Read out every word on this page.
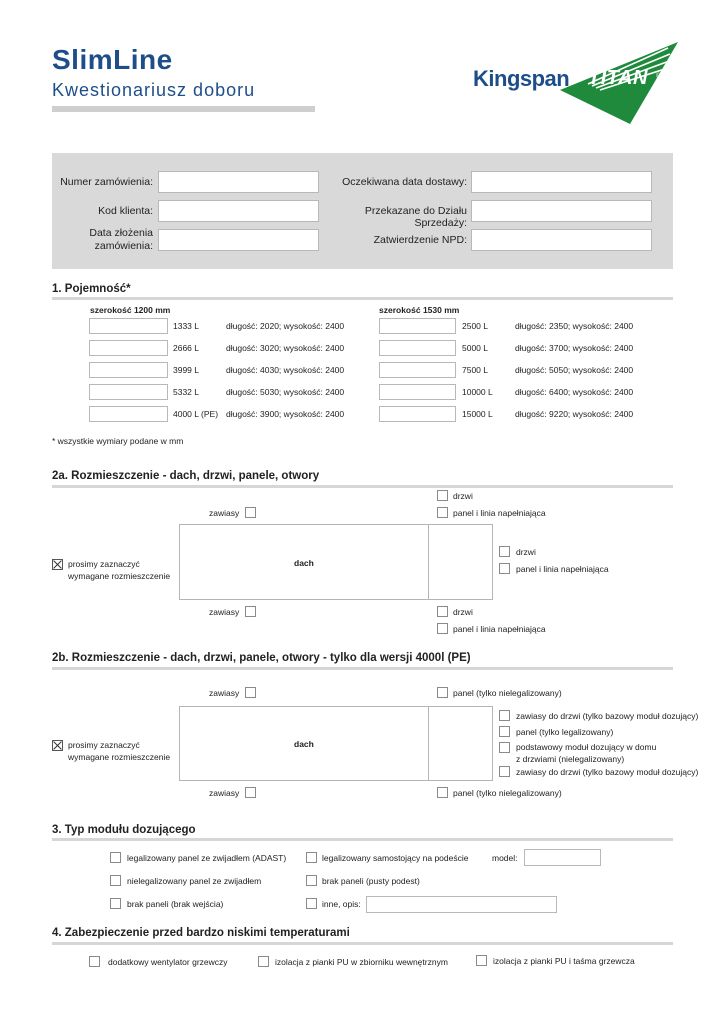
SlimLine
Kwestionariusz doboru	Kingspan TITAN ®
Numer zamówienia:
Kod klienta:
Data złożenia zamówienia:
Oczekiwana data dostawy:
Przekazane do Działu Sprzedaży:
Zatwierdzenie NPD:
1. Pojemność*
szerokość 1200 mm	szerokość 1530 mm
1333 L	długość: 2020; wysokość: 2400
2666 L	długość: 3020; wysokość: 2400
3999 L	długość: 4030; wysokość: 2400
5332 L	długość: 5030; wysokość: 2400
4000 L (PE) długość: 3900; wysokość: 2400
2500 L	długość: 2350; wysokość: 2400
5000 L	długość: 3700; wysokość: 2400
7500 L	długość: 5050; wysokość: 2400
10000 L	długość: 6400; wysokość: 2400
15000 L	długość: 9220; wysokość: 2400
* wszystkie wymiary podane w mm
2a. Rozmieszczenie - dach, drzwi, panele, otwory
drzwi
zawiasy	panel i linia napełniająca
dach
prosimy zaznaczyć
wymagane rozmieszczenie
drzwi
panel i linia napełniająca
zawiasy	drzwi
panel i linia napełniająca
2b. Rozmieszczenie - dach, drzwi, panele, otwory - tylko dla wersji 4000l (PE)
zawiasy	panel (tylko nielegalizowany)
dach
prosimy zaznaczyć
wymagane rozmieszczenie
zawiasy do drzwi (tylko bazowy moduł dozujący)
panel (tylko legalizowany)
podstawowy moduł dozujący w domu
z drzwiami (nielegalizowany)
zawiasy do drzwi (tylko bazowy moduł dozujący)
zawiasy	panel (tylko nielegalizowany)
3. Typ modułu dozującego
legalizowany panel ze zwijadłem (ADAST)	legalizowany samostojący na podeście	model:
nielegalizowany panel ze zwijadłem	brak paneli (pusty podest)
brak paneli (brak wejścia)	inne, opis:
4. Zabezpieczenie przed bardzo niskimi temperaturami
dodatkowy wentylator grzewczy	izolacja z pianki PU w zbiorniku wewnętrznym	izolacja z pianki PU i taśma grzewcza
